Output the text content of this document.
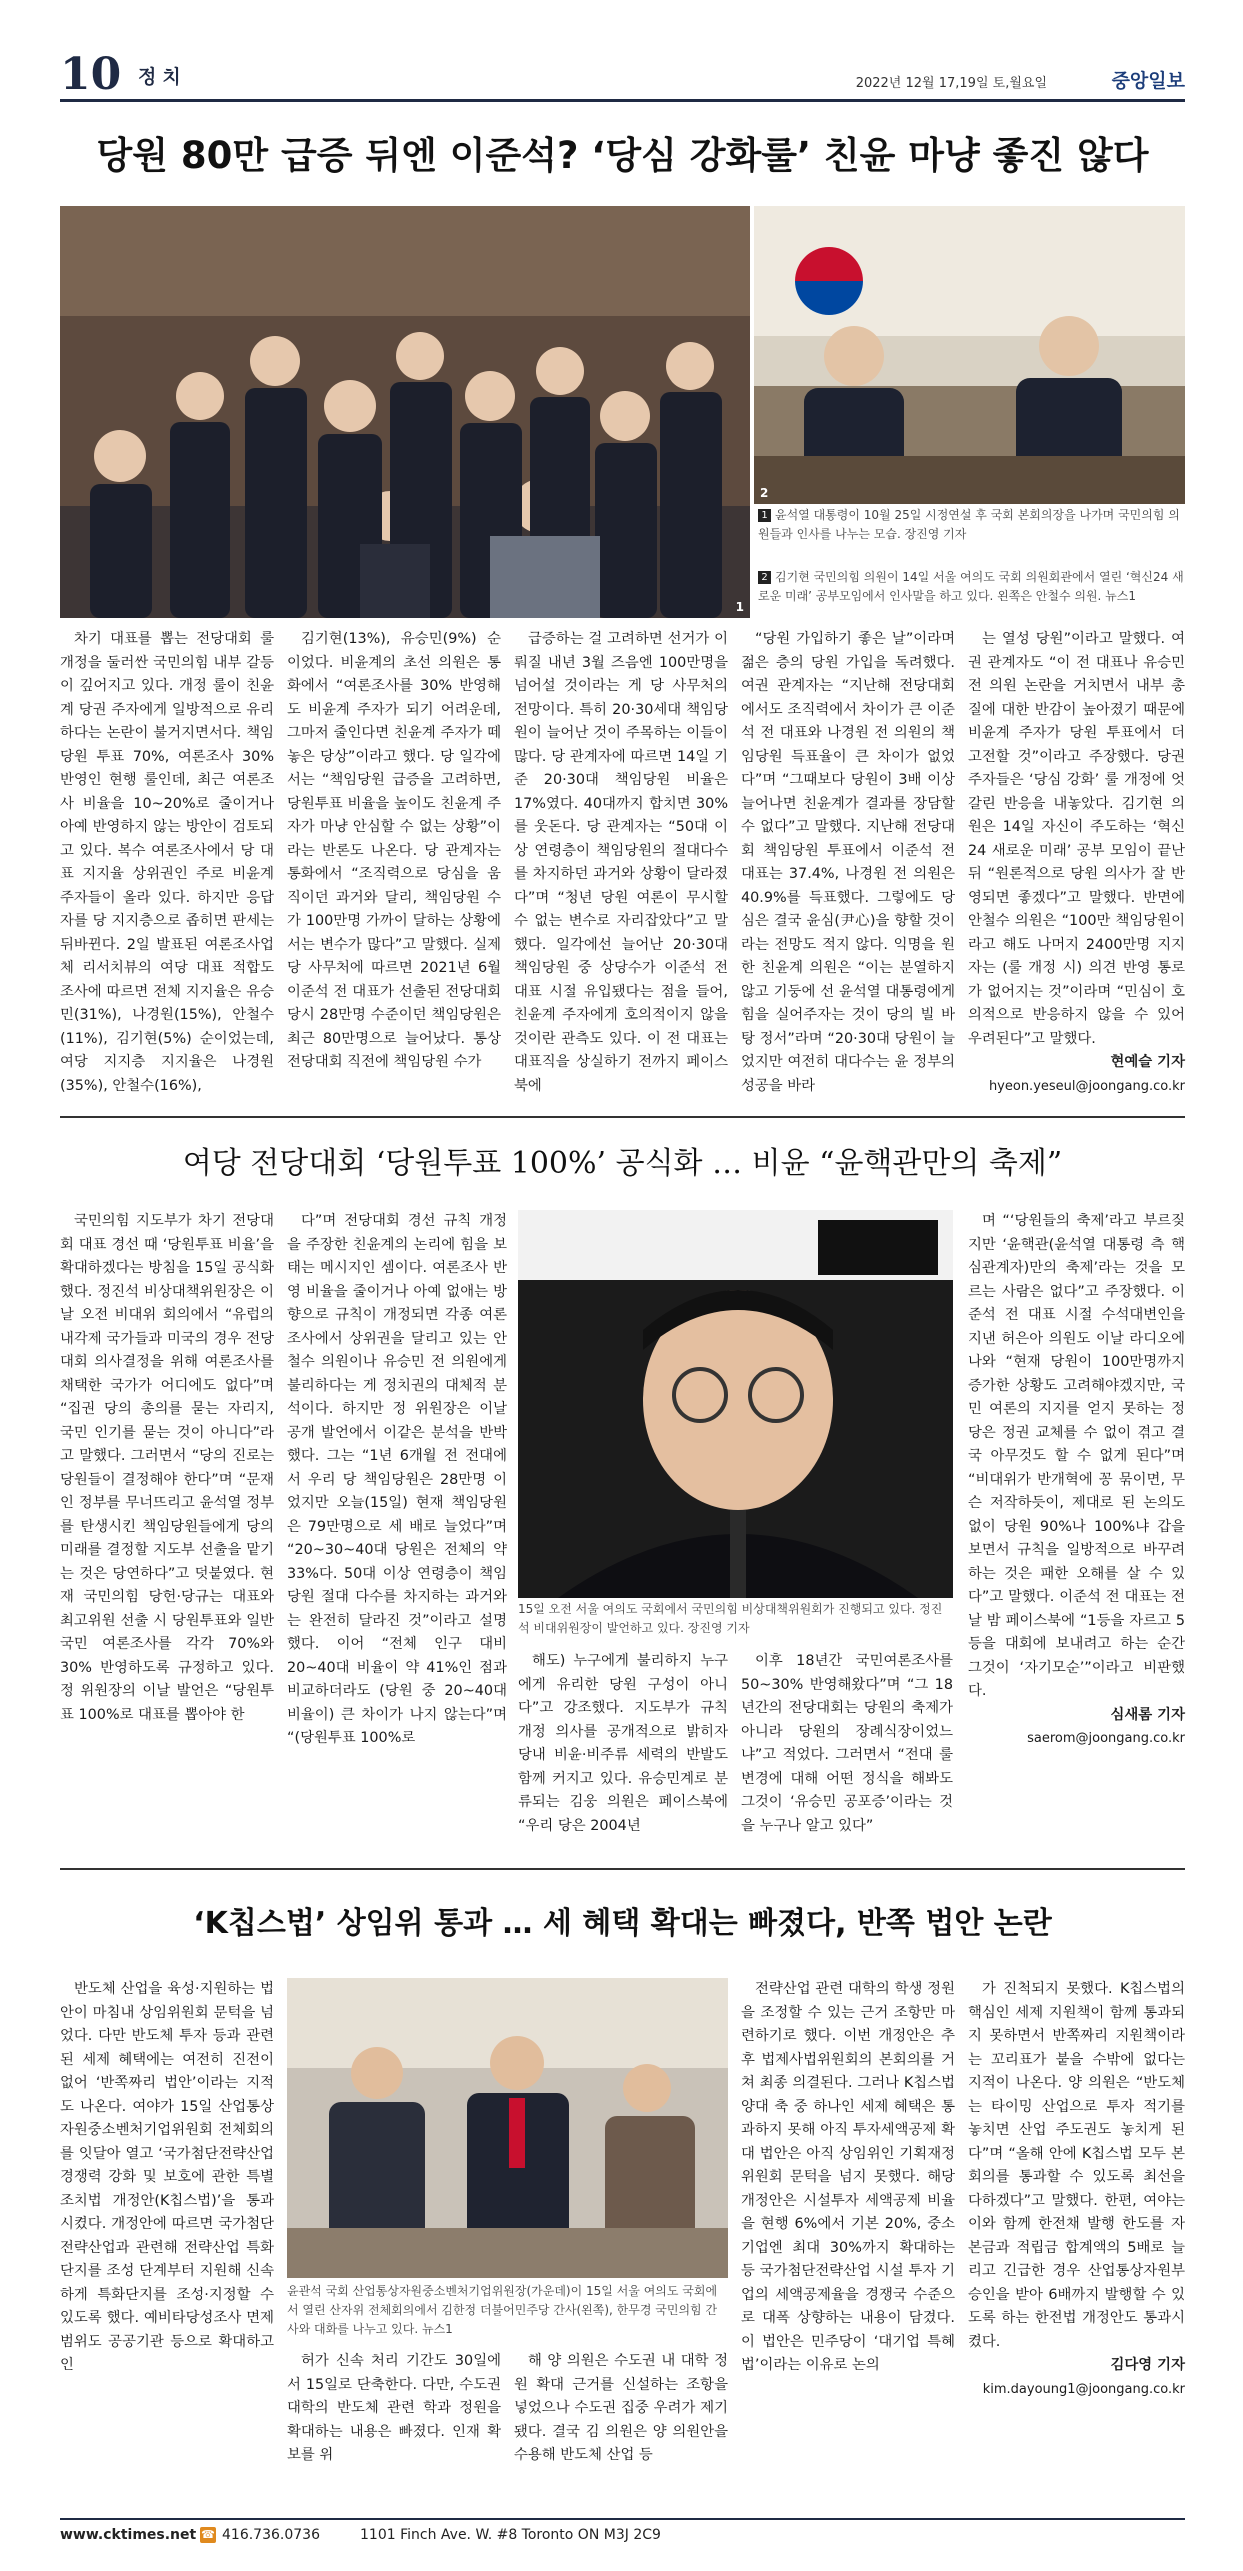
10 정치	2022년 12월 17,19일 토,월요일	중앙일보
당원 80만 급증 뒤엔 이준석? ‘당심 강화룰’ 친윤 마냥 좋진 않다
1
2
1 윤석열 대통령이 10월 25일 시정연설 후 국회 본회의장을 나가며 국민의힘 의원들과 인사를 나누는 모습. 장진영 기자
2 김기현 국민의힘 의원이 14일 서울 여의도 국회 의원회관에서 열린 ‘혁신24 새로운 미래’ 공부모임에서 인사말을 하고 있다. 왼쪽은 안철수 의원. 뉴스1

차기 대표를 뽑는 전당대회 룰 개정을 둘러싼 국민의힘 내부 갈등이 깊어지고 있다. 개정 룰이 친윤계 당권 주자에게 일방적으로 유리하다는 논란이 불거지면서다. 책임당원 투표 70%, 여론조사 30% 반영인 현행 룰인데, 최근 여론조사 비율을 10~20%로 줄이거나 아예 반영하지 않는 방안이 검토되고 있다. 복수 여론조사에서 당 대표 지지율 상위권인 주로 비윤계 주자들이 올라 있다. 하지만 응답자를 당 지지층으로 좁히면 판세는 뒤바뀐다. 2일 발표된 여론조사업체 리서치뷰의 여당 대표 적합도 조사에 따르면 전체 지지율은 유승민(31%), 나경원(15%), 안철수(11%), 김기현(5%) 순이었는데, 여당 지지층 지지율은 나경원(35%), 안철수(16%),

김기현(13%), 유승민(9%) 순이었다. 비윤계의 초선 의원은 통화에서 “여론조사를 30% 반영해도 비윤계 주자가 되기 어려운데, 그마저 줄인다면 친윤계 주자가 떼놓은 당상”이라고 했다. 당 일각에서는 “책임당원 급증을 고려하면, 당원투표 비율을 높이도 친윤계 주자가 마냥 안심할 수 없는 상황”이라는 반론도 나온다. 당 관계자는 통화에서 “조직력으로 당심을 움직이던 과거와 달리, 책임당원 수가 100만명 가까이 달하는 상황에서는 변수가 많다”고 말했다. 실제 당 사무처에 따르면 2021년 6월 이준석 전 대표가 선출된 전당대회 당시 28만명 수준이던 책임당원은 최근 80만명으로 늘어났다. 통상 전당대회 직전에 책임당원 수가

급증하는 걸 고려하면 선거가 이뤄질 내년 3월 즈음엔 100만명을 넘어설 것이라는 게 당 사무처의 전망이다. 특히 20·30세대 책임당원이 늘어난 것이 주목하는 이들이 많다. 당 관계자에 따르면 14일 기준 20·30대 책임당원 비율은 17%였다. 40대까지 합치면 30%를 웃돈다. 당 관계자는 “50대 이상 연령층이 책임당원의 절대다수를 차지하던 과거와 상황이 달라졌다”며 “청년 당원 여론이 무시할 수 없는 변수로 자리잡았다”고 말했다. 일각에선 늘어난 20·30대 책임당원 중 상당수가 이준석 전 대표 시절 유입됐다는 점을 들어, 친윤계 주자에게 호의적이지 않을 것이란 관측도 있다. 이 전 대표는 대표직을 상실하기 전까지 페이스북에

“당원 가입하기 좋은 날”이라며 젊은 층의 당원 가입을 독려했다. 여권 관계자는 “지난해 전당대회에서도 조직력에서 차이가 큰 이준석 전 대표와 나경원 전 의원의 책임당원 득표율이 큰 차이가 없었다”며 “그때보다 당원이 3배 이상 늘어나면 친윤계가 결과를 장담할 수 없다”고 말했다. 지난해 전당대회 책임당원 투표에서 이준석 전 대표는 37.4%, 나경원 전 의원은 40.9%를 득표했다. 그렇에도 당심은 결국 윤심(尹心)을 향할 것이라는 전망도 적지 않다. 익명을 원한 친윤계 의원은 “이는 분열하지 않고 기둥에 선 윤석열 대통령에게 힘을 실어주자는 것이 당의 빌 바탕 정서”라며 “20·30대 당원이 늘었지만 여전히 대다수는 윤 정부의 성공을 바라

는 열성 당원”이라고 말했다. 여권 관계자도 “이 전 대표나 유승민 전 의원 논란을 거치면서 내부 총질에 대한 반감이 높아졌기 때문에 비윤계 주자가 당원 투표에서 더 고전할 것”이라고 주장했다. 당권 주자들은 ‘당심 강화’ 룰 개정에 엇갈린 반응을 내놓았다. 김기현 의원은 14일 자신이 주도하는 ‘혁신24 새로운 미래’ 공부 모임이 끝난 뒤 “원론적으로 당원 의사가 잘 반영되면 좋겠다”고 말했다. 반면에 안철수 의원은 “100만 책임당원이라고 해도 나머지 2400만명 지지자는 (룰 개정 시) 의견 반영 통로가 없어지는 것”이라며 “민심이 호의적으로 반응하지 않을 수 있어 우려된다”고 말했다.

현예슬 기자

hyeon.yeseul@joongang.co.kr

여당 전당대회 ‘당원투표 100%’ 공식화 … 비윤 “윤핵관만의 축제”
15일 오전 서울 여의도 국회에서 국민의힘 비상대책위원회가 진행되고 있다. 정진석 비대위원장이 발언하고 있다. 장진영 기자

국민의힘 지도부가 차기 전당대회 대표 경선 때 ‘당원투표 비율’을 확대하겠다는 방침을 15일 공식화했다. 정진석 비상대책위원장은 이날 오전 비대위 회의에서 “유럽의 내각제 국가들과 미국의 경우 전당대회 의사결정을 위해 여론조사를 채택한 국가가 어디에도 없다”며 “집권 당의 총의를 묻는 자리지, 국민 인기를 묻는 것이 아니다”라고 말했다. 그러면서 “당의 진로는 당원들이 결정해야 한다”며 “문재인 정부를 무너뜨리고 윤석열 정부를 탄생시킨 책임당원들에게 당의 미래를 결정할 지도부 선출을 맡기는 것은 당연하다”고 덧붙였다. 현재 국민의힘 당헌·당규는 대표와 최고위원 선출 시 당원투표와 일반국민 여론조사를 각각 70%와 30% 반영하도록 규정하고 있다. 정 위원장의 이날 발언은 “당원투표 100%로 대표를 뽑아야 한

다”며 전당대회 경선 규칙 개정을 주장한 친윤계의 논리에 힘을 보태는 메시지인 셈이다. 여론조사 반영 비율을 줄이거나 아예 없애는 방향으로 규칙이 개정되면 각종 여론조사에서 상위권을 달리고 있는 안철수 의원이나 유승민 전 의원에게 불리하다는 게 정치권의 대체적 분석이다. 하지만 정 위원장은 이날 공개 발언에서 이같은 분석을 반박했다. 그는 “1년 6개월 전 전대에서 우리 당 책임당원은 28만명 이었지만 오늘(15일) 현재 책임당원은 79만명으로 세 배로 늘었다”며 “20~30~40대 당원은 전체의 약 33%다. 50대 이상 연령층이 책임당원 절대 다수를 차지하는 과거와는 완전히 달라진 것”이라고 설명했다. 이어 “전체 인구 대비 20~40대 비율이 약 41%인 점과 비교하더라도 (당원 중 20~40대 비율이) 큰 차이가 나지 않는다”며 “(당원투표 100%로

해도) 누구에게 불리하지 누구에게 유리한 당원 구성이 아니다”고 강조했다. 지도부가 규칙 개정 의사를 공개적으로 밝히자 당내 비윤·비주류 세력의 반발도 함께 커지고 있다. 유승민계로 분류되는 김웅 의원은 페이스북에 “우리 당은 2004년

이후 18년간 국민여론조사를 50~30% 반영해왔다”며 “그 18년간의 전당대회는 당원의 축제가 아니라 당원의 장례식장이었느냐”고 적었다. 그러면서 “전대 룰 변경에 대해 어떤 정식을 해봐도 그것이 ‘유승민 공포증’이라는 것을 누구나 알고 있다”

며 “‘당원들의 축제’라고 부르짖지만 ‘윤핵관(윤석열 대통령 측 핵심관계자)만의 축제’라는 것을 모르는 사람은 없다”고 주장했다. 이준석 전 대표 시절 수석대변인을 지낸 허은아 의원도 이날 라디오에 나와 “현재 당원이 100만명까지 증가한 상황도 고려해야겠지만, 국민 여론의 지지를 얻지 못하는 정당은 정권 교체를 수 없이 겪고 결국 아무것도 할 수 없게 된다”며 “비대위가 반개혁에 꽁 묶이면, 무슨 저작하듯이, 제대로 된 논의도 없이 당원 90%나 100%냐 갑을 보면서 규칙을 일방적으로 바꾸려하는 것은 패한 오해를 살 수 있다”고 말했다. 이준석 전 대표는 전날 밤 페이스북에 “1등을 자르고 5등을 대회에 보내려고 하는 순간 그것이 ‘자기모순’”이라고 비판했다.

심새롬 기자

saerom@joongang.co.kr

‘K칩스법’ 상임위 통과 … 세 혜택 확대는 빠졌다, 반쪽 법안 논란
윤관석 국회 산업통상자원중소벤처기업위원장(가운데)이 15일 서울 여의도 국회에서 열린 산자위 전체회의에서 김한정 더불어민주당 간사(왼쪽), 한무경 국민의힘 간사와 대화를 나누고 있다. 뉴스1

반도체 산업을 육성·지원하는 법안이 마침내 상임위원회 문턱을 넘었다. 다만 반도체 투자 등과 관련된 세제 혜택에는 여전히 진전이 없어 ‘반쪽짜리 법안’이라는 지적도 나온다. 여야가 15일 산업통상자원중소벤처기업위원회 전체회의를 잇달아 열고 ‘국가첨단전략산업 경쟁력 강화 및 보호에 관한 특별조치법 개정안(K칩스법)’을 통과시켰다. 개정안에 따르면 국가첨단전략산업과 관련해 전략산업 특화 단지를 조성 단계부터 지원해 신속하게 특화단지를 조성·지정할 수 있도록 했다. 예비타당성조사 면제 범위도 공공기관 등으로 확대하고 인	허가 신속 처리 기간도 30일에서 15일로 단축한다. 다만, 수도권 대학의 반도체 관련 학과 정원을 확대하는 내용은 빠졌다. 인재 확보를 위

해 양 의원은 수도권 내 대학 정원 확대 근거를 신설하는 조항을 넣었으나 수도권 집중 우려가 제기됐다. 결국 김 의원은 양 의원안을 수용해 반도체 산업 등

전략산업 관련 대학의 학생 정원을 조정할 수 있는 근거 조항만 마련하기로 했다. 이번 개정안은 추후 법제사법위원회의 본회의를 거쳐 최종 의결된다. 그러나 K칩스법 양대 축 중 하나인 세제 혜택은 통과하지 못해 아직 투자세액공제 확대 법안은 아직 상임위인 기획재정위원회 문턱을 넘지 못했다. 해당 개정안은 시설투자 세액공제 비율을 현행 6%에서 기본 20%, 중소기업엔 최대 30%까지 확대하는 등 국가첨단전략산업 시설 투자 기업의 세액공제율을 경쟁국 수준으로 대폭 상향하는 내용이 담겼다. 이 법안은 민주당이 ‘대기업 특혜법’이라는 이유로 논의

가 진척되지 못했다. K칩스법의 핵심인 세제 지원책이 함께 통과되지 못하면서 반쪽짜리 지원책이라는 꼬리표가 붙을 수밖에 없다는 지적이 나온다. 양 의원은 “반도체는 타이밍 산업으로 투자 적기를 놓치면 산업 주도권도 놓치게 된다”며 “올해 안에 K칩스법 모두 본회의를 통과할 수 있도록 최선을 다하겠다”고 말했다. 한편, 여야는 이와 함께 한전채 발행 한도를 자본금과 적립금 합계액의 5배로 늘리고 긴급한 경우 산업통상자원부 승인을 받아 6배까지 발행할 수 있도록 하는 한전법 개정안도 통과시켰다.

김다영 기자

kim.dayoung1@joongang.co.kr

www.cktimes.net ☎ 416.736.0736	1101 Finch Ave. W. #8 Toronto ON M3J 2C9
